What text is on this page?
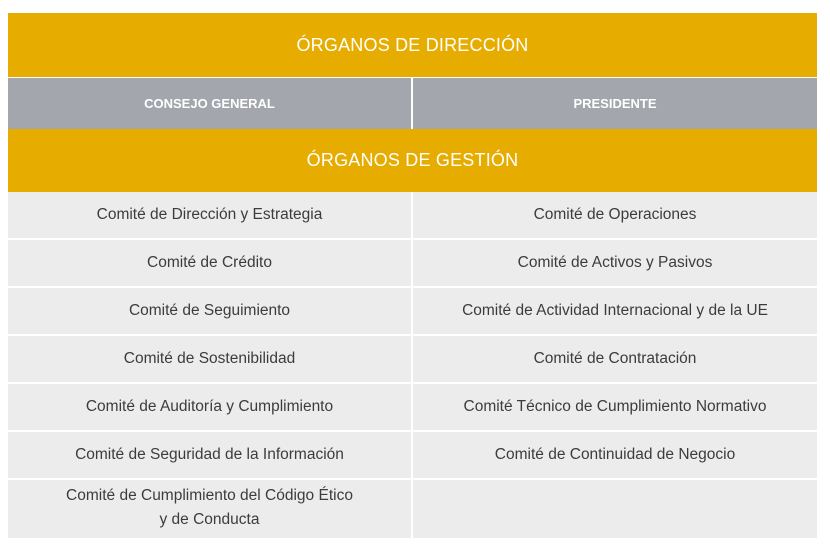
ÓRGANOS DE DIRECCIÓN
CONSEJO GENERAL	PRESIDENTE
ÓRGANOS DE GESTIÓN
Comité de Dirección y Estrategia	Comité de Operaciones
Comité de Crédito	Comité de Activos y Pasivos
Comité de Seguimiento	Comité de Actividad Internacional y de la UE
Comité de Sostenibilidad	Comité de Contratación
Comité de Auditoría y Cumplimiento	Comité Técnico de Cumplimiento Normativo
Comité de Seguridad de la Información	Comité de Continuidad de Negocio
Comité de Cumplimiento del Código Ético
y de Conducta
